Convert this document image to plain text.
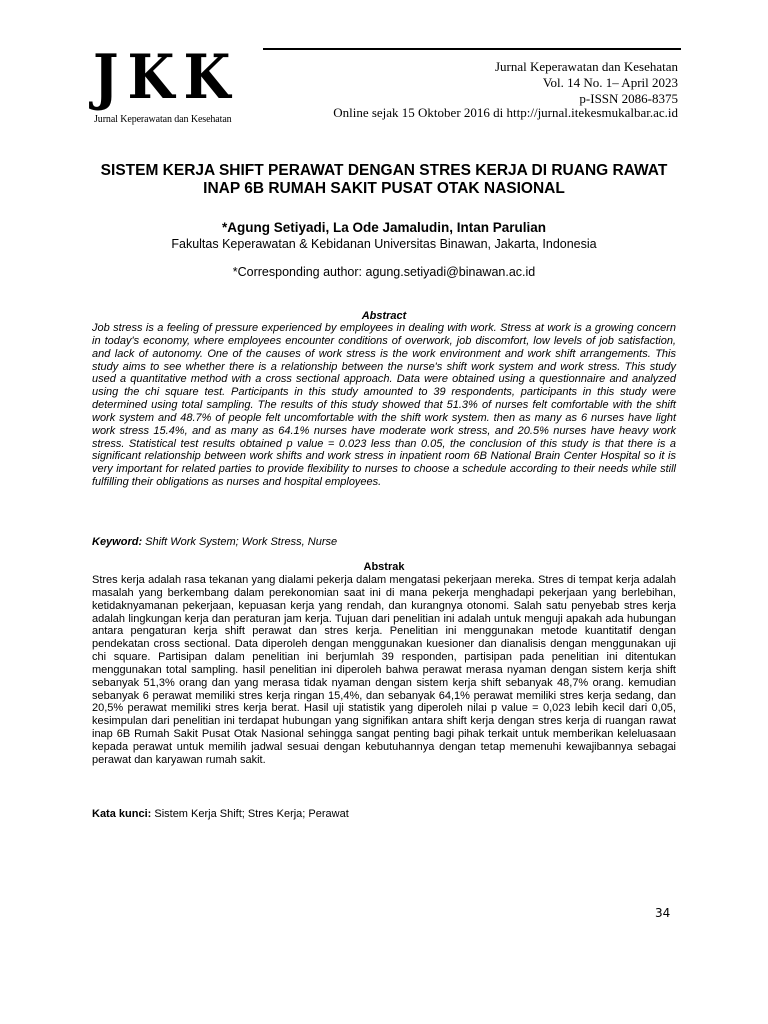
JKK
Jurnal Keperawatan dan Kesehatan
Jurnal Keperawatan dan Kesehatan
Vol. 14 No. 1– April 2023
p-ISSN 2086-8375
Online sejak 15 Oktober 2016 di http://jurnal.itekesmukalbar.ac.id
SISTEM KERJA SHIFT PERAWAT DENGAN STRES KERJA DI RUANG RAWAT INAP 6B RUMAH SAKIT PUSAT OTAK NASIONAL
*Agung Setiyadi, La Ode Jamaludin, Intan Parulian
Fakultas Keperawatan & Kebidanan Universitas Binawan, Jakarta, Indonesia
*Corresponding author: agung.setiyadi@binawan.ac.id
Abstract

Job stress is a feeling of pressure experienced by employees in dealing with work. Stress at work is a growing concern in today's economy, where employees encounter conditions of overwork, job discomfort, low levels of job satisfaction, and lack of autonomy. One of the causes of work stress is the work environment and work shift arrangements. This study aims to see whether there is a relationship between the nurse's shift work system and work stress. This study used a quantitative method with a cross sectional approach. Data were obtained using a questionnaire and analyzed using the chi square test. Participants in this study amounted to 39 respondents, participants in this study were determined using total sampling. The results of this study showed that 51.3% of nurses felt comfortable with the shift work system and 48.7% of people felt uncomfortable with the shift work system. then as many as 6 nurses have light work stress 15.4%, and as many as 64.1% nurses have moderate work stress, and 20.5% nurses have heavy work stress. Statistical test results obtained p value = 0.023 less than 0.05, the conclusion of this study is that there is a significant relationship between work shifts and work stress in inpatient room 6B National Brain Center Hospital so it is very important for related parties to provide flexibility to nurses to choose a schedule according to their needs while still fulfilling their obligations as nurses and hospital employees.

Keyword: Shift Work System; Work Stress, Nurse
Abstrak

Stres kerja adalah rasa tekanan yang dialami pekerja dalam mengatasi pekerjaan mereka. Stres di tempat kerja adalah masalah yang berkembang dalam perekonomian saat ini di mana pekerja menghadapi pekerjaan yang berlebihan, ketidaknyamanan pekerjaan, kepuasan kerja yang rendah, dan kurangnya otonomi. Salah satu penyebab stres kerja adalah lingkungan kerja dan peraturan jam kerja. Tujuan dari penelitian ini adalah untuk menguji apakah ada hubungan antara pengaturan kerja shift perawat dan stres kerja. Penelitian ini menggunakan metode kuantitatif dengan pendekatan cross sectional. Data diperoleh dengan menggunakan kuesioner dan dianalisis dengan menggunakan uji chi square. Partisipan dalam penelitian ini berjumlah 39 responden, partisipan pada penelitian ini ditentukan menggunakan total sampling. hasil penelitian ini diperoleh bahwa perawat merasa nyaman dengan sistem kerja shift sebanyak 51,3% orang dan yang merasa tidak nyaman dengan sistem kerja shift sebanyak 48,7% orang. kemudian sebanyak 6 perawat memiliki stres kerja ringan 15,4%, dan sebanyak 64,1% perawat memiliki stres kerja sedang, dan 20,5% perawat memiliki stres kerja berat. Hasil uji statistik yang diperoleh nilai p value = 0,023 lebih kecil dari 0,05, kesimpulan dari penelitian ini terdapat hubungan yang signifikan antara shift kerja dengan stres kerja di ruangan rawat inap 6B Rumah Sakit Pusat Otak Nasional sehingga sangat penting bagi pihak terkait untuk memberikan keleluasaan kepada perawat untuk memilih jadwal sesuai dengan kebutuhannya dengan tetap memenuhi kewajibannya sebagai perawat dan karyawan rumah sakit.

Kata kunci: Sistem Kerja Shift; Stres Kerja; Perawat
34
